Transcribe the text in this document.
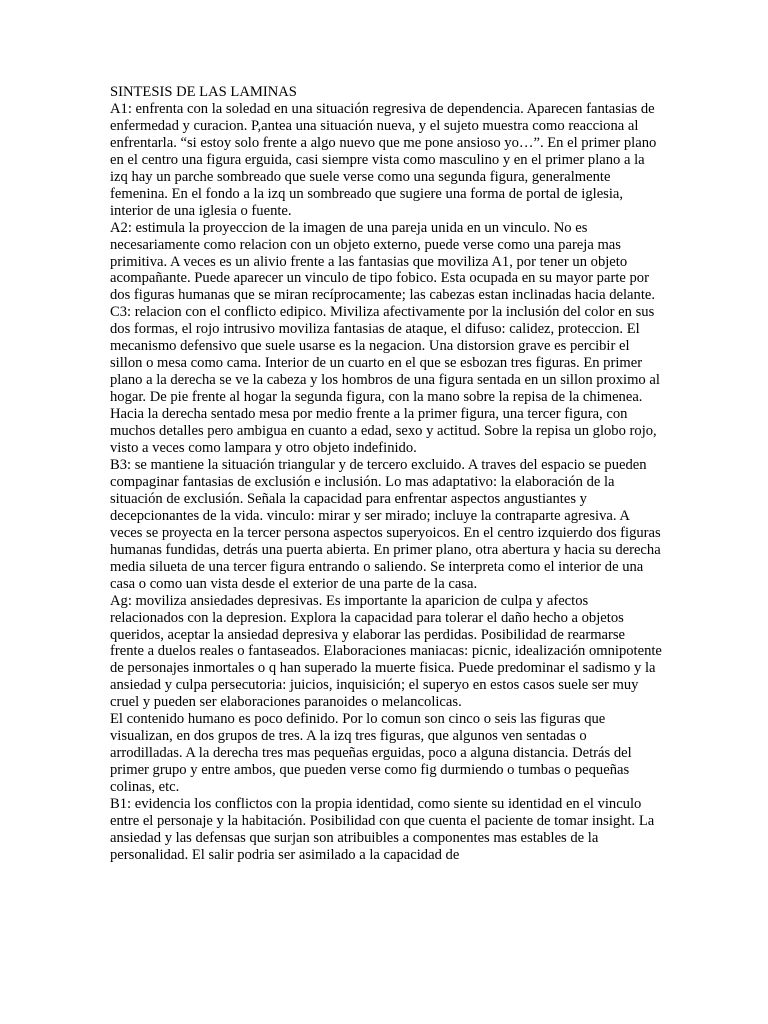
SINTESIS DE LAS LAMINAS

A1: enfrenta con la soledad en una situación regresiva de dependencia. Aparecen fantasias de enfermedad y curacion. P,antea una situación nueva, y el sujeto muestra como reacciona al enfrentarla. “si estoy solo frente a algo nuevo que me pone ansioso yo…”. En el primer plano en el centro una figura erguida, casi siempre vista como masculino y en el primer plano a la izq hay un parche sombreado que suele verse como una segunda figura, generalmente femenina. En el fondo a la izq un sombreado que sugiere una forma de portal de iglesia, interior de una iglesia o fuente.

A2: estimula la proyeccion de la imagen de una pareja unida en un vinculo. No es necesariamente como relacion con un objeto externo, puede verse como una pareja mas primitiva. A veces es un alivio frente a las fantasias que moviliza A1, por tener un objeto acompañante. Puede aparecer un vinculo de tipo fobico. Esta ocupada en su mayor parte por dos figuras humanas que se miran recíprocamente; las cabezas estan inclinadas hacia delante.

C3: relacion con el conflicto edipico. Miviliza afectivamente por la inclusión del color en sus dos formas, el rojo intrusivo moviliza fantasias de ataque, el difuso: calidez, proteccion. El mecanismo defensivo que suele usarse es la negacion. Una distorsion grave es percibir el sillon o mesa como cama. Interior de un cuarto en el que se esbozan tres figuras. En primer plano a la derecha se ve la cabeza y los hombros de una figura sentada en un sillon proximo al hogar. De pie frente al hogar la segunda figura, con la mano sobre la repisa de la chimenea. Hacia la derecha sentado mesa por medio frente a la primer figura, una tercer figura, con muchos detalles pero ambigua en cuanto a edad, sexo y actitud. Sobre la repisa un globo rojo, visto a veces como lampara y otro objeto indefinido.

B3: se mantiene la situación triangular y de tercero excluido. A traves del espacio se pueden compaginar fantasias de exclusión e inclusión. Lo mas adaptativo: la elaboración de la situación de exclusión. Señala la capacidad para enfrentar aspectos angustiantes y decepcionantes de la vida. vinculo: mirar y ser mirado; incluye la contraparte agresiva. A veces se proyecta en la tercer persona aspectos superyoicos. En el centro izquierdo dos figuras humanas fundidas, detrás una puerta abierta. En primer plano, otra abertura y hacia su derecha media silueta de una tercer figura entrando o saliendo. Se interpreta como el interior de una casa o como uan vista desde el exterior de una parte de la casa.

Ag: moviliza ansiedades depresivas. Es importante la aparicion de culpa y afectos relacionados con la depresion. Explora la capacidad para tolerar el daño hecho a objetos queridos, aceptar la ansiedad depresiva y elaborar las perdidas. Posibilidad de rearmarse frente a duelos reales o fantaseados. Elaboraciones maniacas: picnic, idealización omnipotente de personajes inmortales o q han superado la muerte fisica. Puede predominar el sadismo y la ansiedad y culpa persecutoria: juicios, inquisición; el superyo en estos casos suele ser muy cruel y pueden ser elaboraciones paranoides o melancolicas.

El contenido humano es poco definido. Por lo comun son cinco o seis las figuras que visualizan, en dos grupos de tres. A la izq tres figuras, que algunos ven sentadas o arrodilladas. A la derecha tres mas pequeñas erguidas, poco a alguna distancia. Detrás del primer grupo y entre ambos, que pueden verse como fig durmiendo o tumbas o pequeñas colinas, etc.

B1: evidencia los conflictos con la propia identidad, como siente su identidad en el vinculo entre el personaje y la habitación. Posibilidad con que cuenta el paciente de tomar insight. La ansiedad y las defensas que surjan son atribuibles a componentes mas estables de la personalidad. El salir podria ser asimilado a la capacidad de
